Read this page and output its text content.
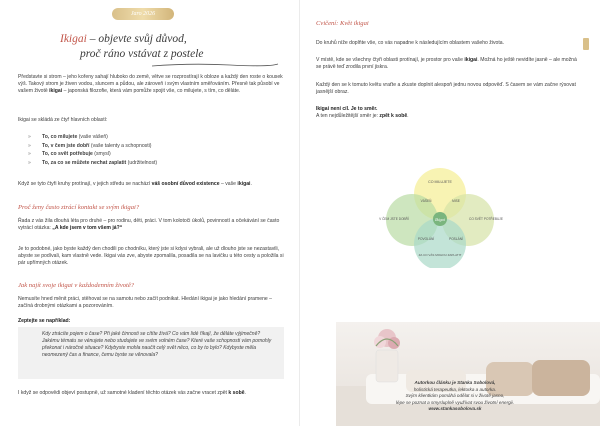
Jaro 2026
Ikigai – objevte svůj důvod,
proč ráno vstávat z postele
Představte si strom – jeho kořeny sahají hluboko do země, větve se rozprostírají k obloze a každý den roste o kousek výš. Takový strom je živen vodou, sluncem a půdou, ale zároveň i svým vlastním směřováním. Přesně tak působí ve vašem životě ikigai – japonská filozofie, která vám pomůže spojit vše, co milujete, s tím, co děláte.
Ikigai se skládá ze čtyř hlavních oblastí:
» To, co milujete (vaše vášeň)
» To, v čem jste dobří (vaše talenty a schopnosti)
» To, co svět potřebuje (smysl)
» To, za co se můžete nechat zaplatit (udržitelnost)
Když se tyto čtyři kruhy protínají, v jejich středu se nachází váš osobní důvod existence – vaše ikigai.
Proč ženy často ztrácí kontakt se svým ikigai?
Řada z vás žila dlouhá léta pro druhé – pro rodinu, děti, práci. V tom kolotoči úkolů, povinností a očekávání se často vytrácí otázka: „A kde jsem v tom všem já?“
Je to podobné, jako byste každý den chodili po chodníku, který jste si kdysi vybrali, ale už dlouho jste se nezastavili, abyste se podívali, kam vlastně vede. Ikigai vás zve, abyste zpomalila, posadila se na lavičku u této cesty a položila si pár upřímných otázek.
Jak najít svoje ikigai v každodenním životě?
Nemusíte hned měnit práci, stěhovat se na samotu nebo začít podnikat. Hledání ikigai je jako hledání pramene – začíná drobnými otázkami a pozorováním.
Zeptejte se například:
Kdy ztrácíte pojem o čase? Při jaké činnosti se cítíte živá? Co vám lidé říkají, že děláte výjimečně? Jakému tématu se vénujete nebo studujete ve svém volném čase? Které vaše schopnosti vám pomohly překonat i náročné situace? Kdybyste mohla naučit celý svět něco, co by to bylo? Kdybyste měla neomezený čas a finance, čemu byste se věnovala?
I když se odpovědi objeví postupně, už samotné kladení těchto otázek vás začne vracet zpět k sobě.
Cvičení: Květ ikigai
Do kruhů níže doplňte vše, co vás napadne k následujícím oblastem vašeho života.
V místě, kde se všechny čtyři oblasti protínají, je prostor pro vaše ikigai. Možná ho ještě nevidíte jasně – ale možná se právě teď zrodila první jiskra.
Každý den se k tomuto květu vraťte a zkuste doplnit alespoň jednu novou odpověď. S časem se vám začne rýsovat jasnější obraz.
Ikigai není cíl. Je to směr.
A ten nejdůležitější směr je: zpět k sobě.
CO MILUJETE
VÁŠEŇ	MISE
V ČEM JSTE DOBŘÍ	CO SVĚT POTŘEBUJE
Ikigai
POVOLÁNÍ	POSLÁNÍ
ZA CO VÁS MOHOU ZAPLATIT
Autorkou článku je Stanka Sobolová,
holistická terapeutka, lektorka a autorka.
Svým klientkám pomáhá odělat si v životě jasno,
lépe se poznat a smysluplně využívat svou životní energii.
www.stankasobolova.sk
